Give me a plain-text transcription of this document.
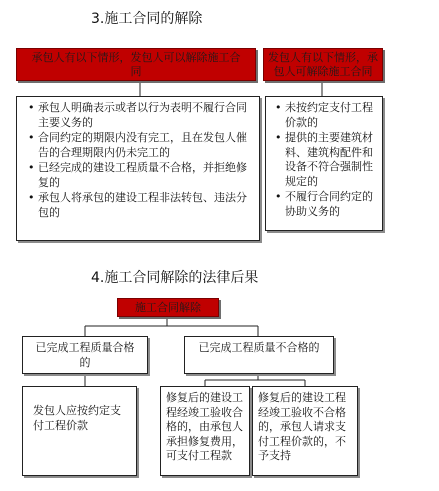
3.施工合同的解除
承包人有以下情形，发包人可以解除施工合同
发包人有以下情形，承包人可解除施工合同
• 承包人明确表示或者以行为表明不履行合同主要义务的
• 合同约定的期限内没有完工，且在发包人催告的合理期限内仍未完工的
• 已经完成的建设工程质量不合格，并拒绝修复的
• 承包人将承包的建设工程非法转包、违法分包的
• 未按约定支付工程价款的
• 提供的主要建筑材料、建筑构配件和设备不符合强制性规定的
• 不履行合同约定的协助义务的
4.施工合同解除的法律后果
施工合同解除
已完成工程质量合格的
已完成工程质量不合格的
发包人应按约定支付工程价款
修复后的建设工程经竣工验收合格的，由承包人承担修复费用，可支付工程款
修复后的建设工程经竣工验收不合格的，承包人请求支付工程价款的，不予支持
